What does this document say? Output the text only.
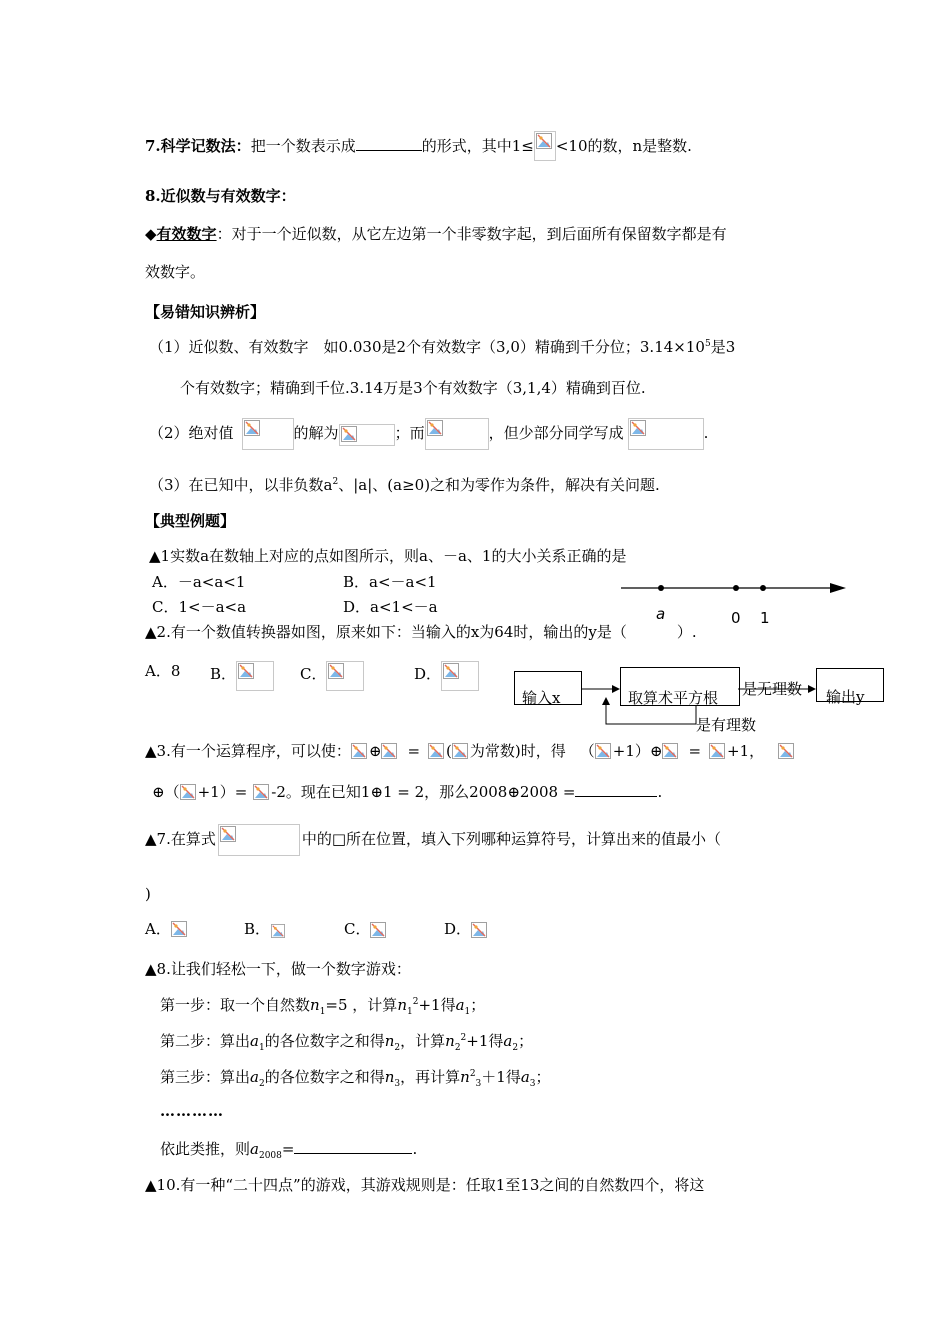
7.科学记数法：把一个数表示成	的形式，其中1≤ <10的数，n是整数.
8.近似数与有效数字：
◆有效数字：对于一个近似数，从它左边第一个非零数字起，到后面所有保留数字都是有
效数字。
【易错知识辨析】
（1）近似数、有效数字　如0.030是2个有效数字（3,0）精确到千分位；$3.14\times 10^5$是3
个有效数字；精确到千位.3.14万是3个有效数字（3,1,4）精确到百位.
（2）绝对值	的解为	；而	，但少部分同学写成	.
（3）在已知中，以非负数$a^2$、|a|、(a≥0)之和为零作为条件，解决有关问题.
【典型例题】
▲1实数a在数轴上对应的点如图所示，则a、－a、1的大小关系正确的是
A．－a<a<1	B．a<－a<1
C．1<－a<a	D．a<1<－a	a	0 1
▲2.有一个数值转换器如图，原来如下：当输入的x为64时，输出的y是（	）.
A．8 B．	C．	D．
输入x	取算术平方根	输出y
是无理数
是有理数
▲3.有一个运算程序，可以使： ⊕ = ( 为常数)时，得 （ +1）⊕ = +1，
⊕（ +1）= -2。现在已知1⊕1 = 2，那么2008⊕2008 =	.
▲7.在算式	中的□所在位置，填入下列哪种运算符号，计算出来的值最小（
)
A．	B．	C．	D．
▲8.让我们轻松一下，做一个数字游戏：
第一步：取一个自然数$n_1=5$ ，计算$n_1^2+1$得$a_1$；
第二步：算出$a_1$的各位数字之和得$n_2$，计算$n_2^2+1$得$a_2$；
第三步：算出$a_2$的各位数字之和得$n_3$，再计算$n^2_3+1$得$a_3$；
…………
依此类推，则$a_{2008}=$	.
▲10.有一种“二十四点”的游戏，其游戏规则是：任取1至13之间的自然数四个，将这
